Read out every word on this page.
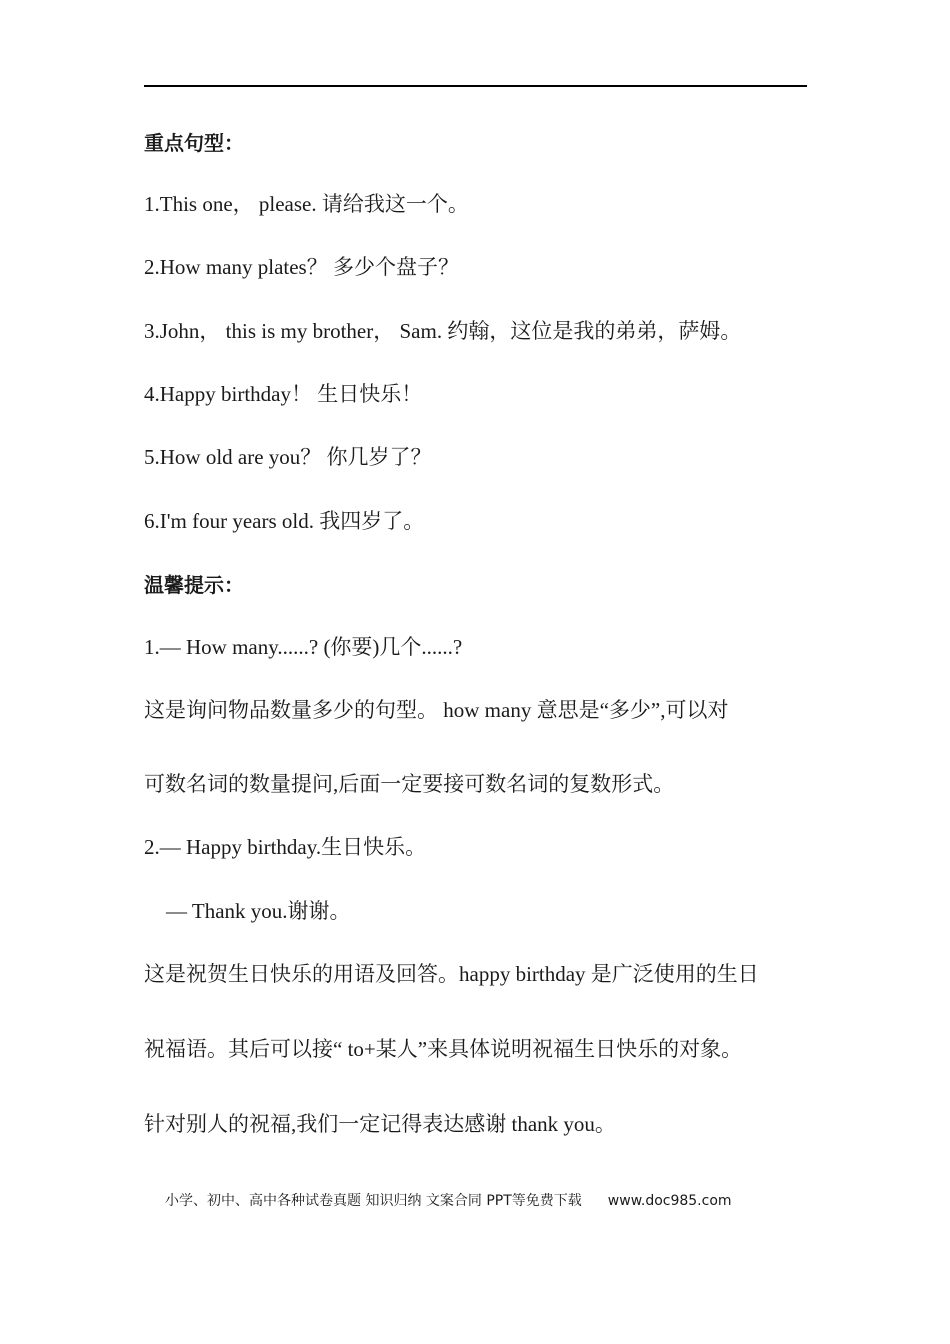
重点句型：
1.This one， please. 请给我这一个。
2.How many plates？ 多少个盘子？
3.John， this is my brother， Sam. 约翰，这位是我的弟弟，萨姆。
4.Happy birthday！ 生日快乐！
5.How old are you？ 你几岁了？
6.I'm four years old. 我四岁了。
温馨提示：
1.— How many......? (你要)几个......?
这是询问物品数量多少的句型。 how many 意思是“多少”,可以对
可数名词的数量提问,后面一定要接可数名词的复数形式。
2.— Happy birthday.生日快乐。
— Thank you.谢谢。
这是祝贺生日快乐的用语及回答。happy birthday 是广泛使用的生日
祝福语。其后可以接“ to+某人”来具体说明祝福生日快乐的对象。
针对别人的祝福,我们一定记得表达感谢 thank you。
小学、初中、高中各种试卷真题 知识归纳 文案合同 PPT等免费下载 www.doc985.com
